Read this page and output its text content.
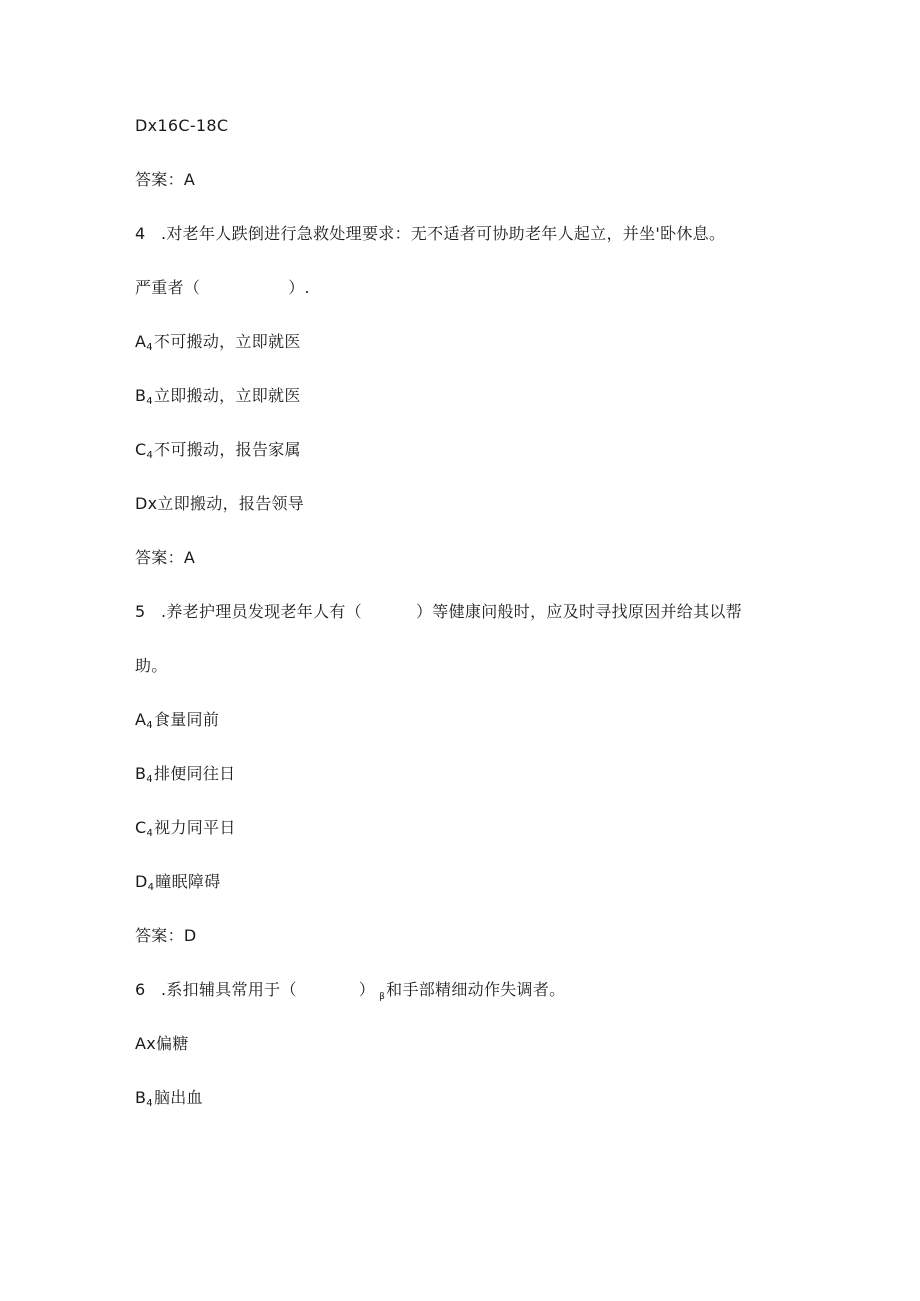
Dx16C-18C
答案：A
4 .对老年人跌倒进行急救处理要求：无不适者可协助老年人起立，并坐'卧休息。
严重者（	）.
$A_4$不可搬动，立即就医
$B_4$立即搬动，立即就医
$C_4$不可搬动，报告家属
Dx立即搬动，报告领导
答案：A
5 .养老护理员发现老年人有（	）等健康问般时，应及时寻找原因并给其以帮
助。
$A_4$食量同前
$B_4$排便同往日
$C_4$视力同平日
$D_4$瞳眠障碍
答案：D
6 .系扣辅具常用于（	） $_\beta$和手部精细动作失调者。
Ax偏糖
$B_4$脑出血
